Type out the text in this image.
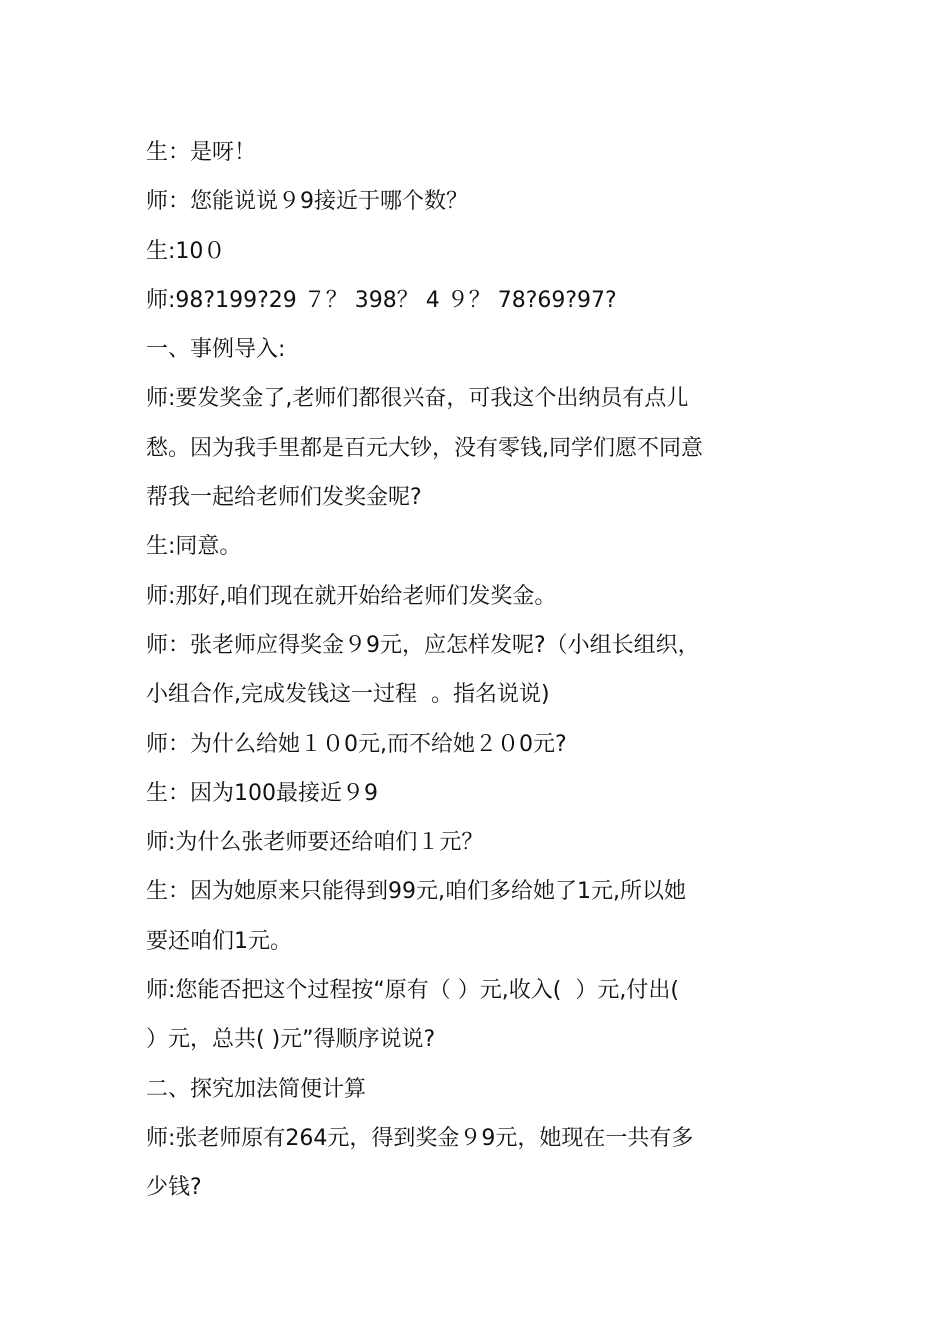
生：是呀！
师：您能说说９9接近于哪个数？
生:10０
师:98?199?29 ７？ 398？ 4 ９？ 78?69?97?
一、事例导入:
师:要发奖金了,老师们都很兴奋，可我这个出纳员有点儿
愁。因为我手里都是百元大钞，没有零钱,同学们愿不同意
帮我一起给老师们发奖金呢?
生:同意。
师:那好,咱们现在就开始给老师们发奖金。
师：张老师应得奖金９9元，应怎样发呢?（小组长组织，
小组合作,完成发钱这一过程  。指名说说)
师：为什么给她１０0元,而不给她２０0元?
生：因为100最接近９9
师:为什么张老师要还给咱们１元？
生：因为她原来只能得到99元,咱们多给她了1元,所以她
要还咱们1元。
师:您能否把这个过程按“原有（ ）元,收入(  ）元,付出(
）元，总共( )元”得顺序说说?
二、探究加法简便计算
师:张老师原有264元，得到奖金９9元，她现在一共有多
少钱?
